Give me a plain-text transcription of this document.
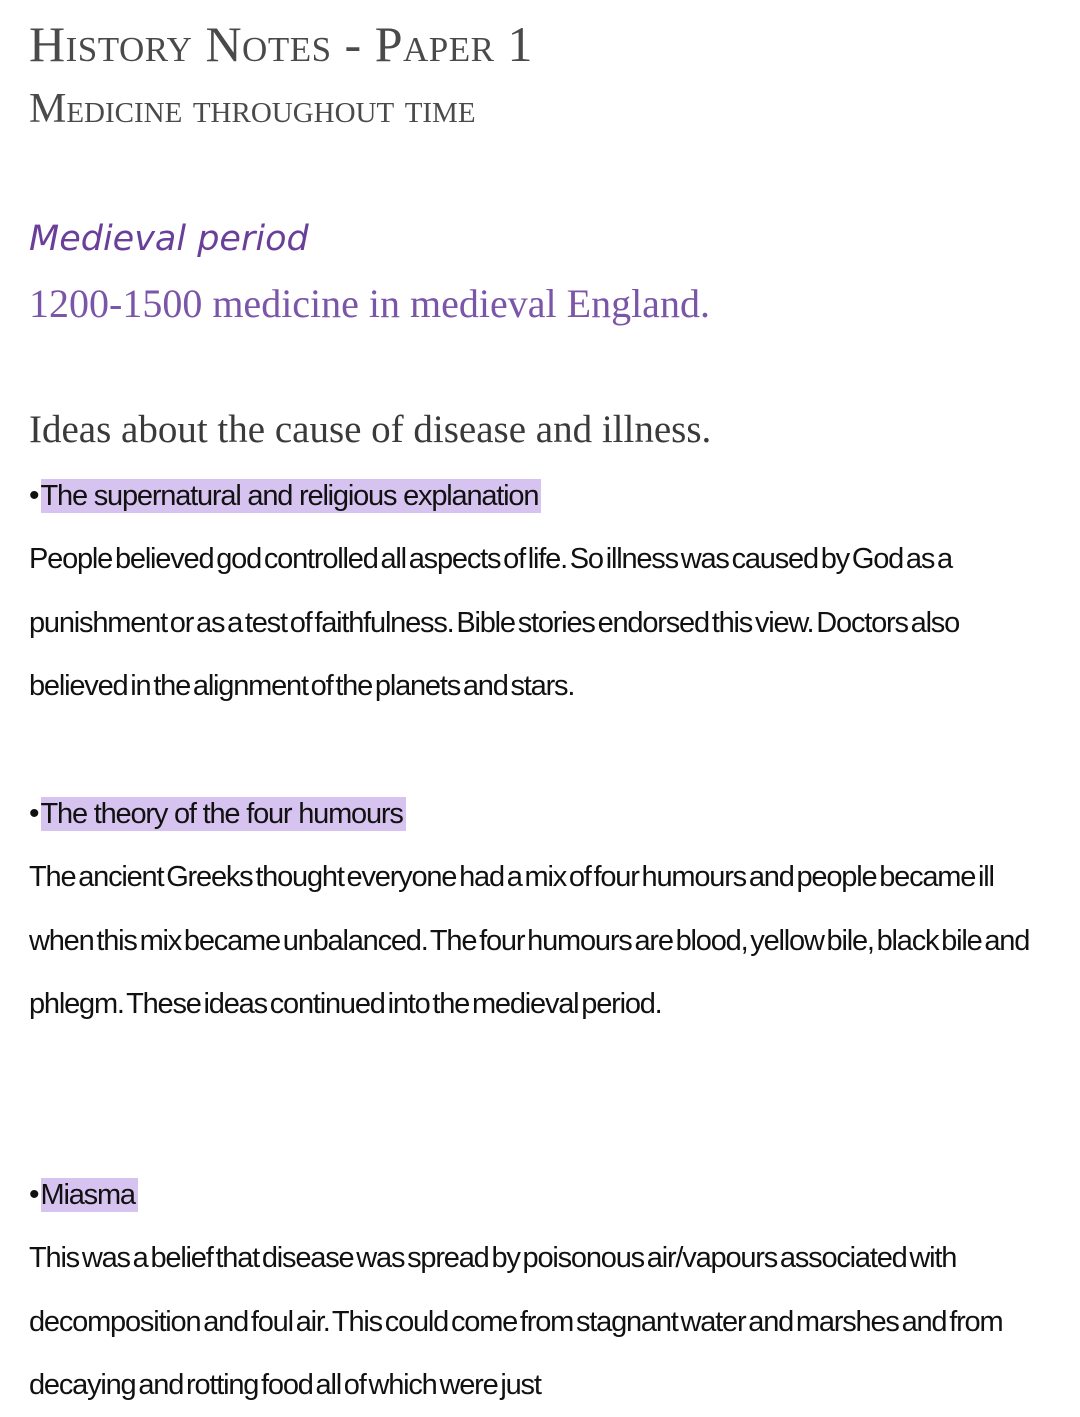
History Notes - Paper 1
Medicine throughout time
Medieval period
1200-1500 medicine in medieval England.
Ideas about the cause of disease and illness.
•The supernatural and religious explanation

People believed god controlled all aspects of life. So illness was caused by God as a punishment or as a test of faithfulness. Bible stories endorsed this view. Doctors also believed in the alignment of the planets and stars.

•The theory of the four humours

The ancient Greeks thought everyone had a mix of four humours and people became ill when this mix became unbalanced. The four humours are blood, yellow bile, black bile and phlegm. These ideas continued into the medieval period.

•Miasma

This was a belief that disease was spread by poisonous air/vapours associated with decomposition and foul air. This could come from stagnant water and marshes and from decaying and rotting food all of which were just
